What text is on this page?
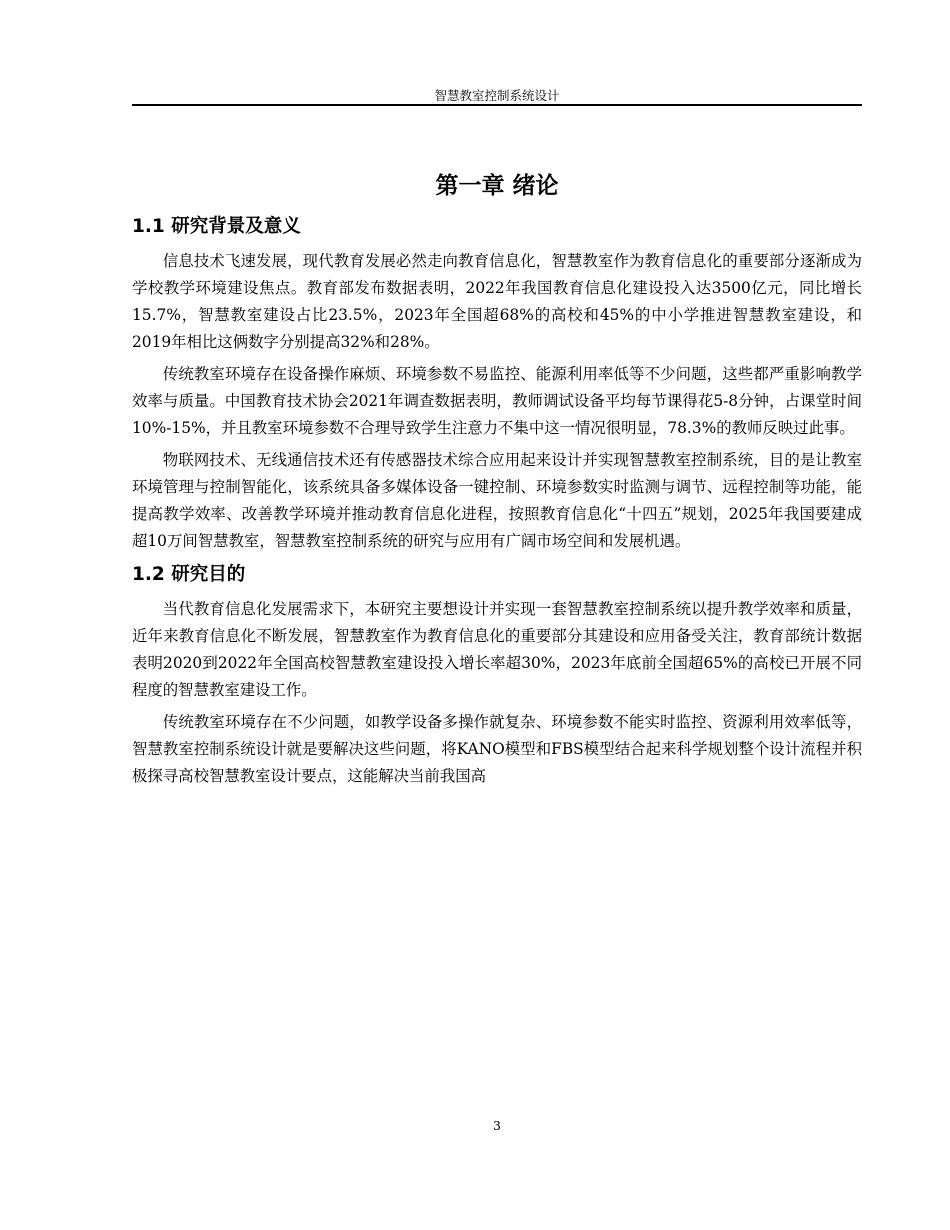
智慧教室控制系统设计
第一章 绪论
1.1 研究背景及意义

信息技术飞速发展，现代教育发展必然走向教育信息化，智慧教室作为教育信息化的重要部分逐渐成为学校教学环境建设焦点。教育部发布数据表明，2022年我国教育信息化建设投入达3500亿元，同比增长15.7%，智慧教室建设占比23.5%，2023年全国超68%的高校和45%的中小学推进智慧教室建设，和2019年相比这俩数字分别提高32%和28%。

传统教室环境存在设备操作麻烦、环境参数不易监控、能源利用率低等不少问题，这些都严重影响教学效率与质量。中国教育技术协会2021年调查数据表明，教师调试设备平均每节课得花5-8分钟，占课堂时间10%-15%，并且教室环境参数不合理导致学生注意力不集中这一情况很明显，78.3%的教师反映过此事。

物联网技术、无线通信技术还有传感器技术综合应用起来设计并实现智慧教室控制系统，目的是让教室环境管理与控制智能化，该系统具备多媒体设备一键控制、环境参数实时监测与调节、远程控制等功能，能提高教学效率、改善教学环境并推动教育信息化进程，按照教育信息化“十四五”规划，2025年我国要建成超10万间智慧教室，智慧教室控制系统的研究与应用有广阔市场空间和发展机遇。

1.2 研究目的

当代教育信息化发展需求下，本研究主要想设计并实现一套智慧教室控制系统以提升教学效率和质量，近年来教育信息化不断发展，智慧教室作为教育信息化的重要部分其建设和应用备受关注，教育部统计数据表明2020到2022年全国高校智慧教室建设投入增长率超30%，2023年底前全国超65%的高校已开展不同程度的智慧教室建设工作。

传统教室环境存在不少问题，如教学设备多操作就复杂、环境参数不能实时监控、资源利用效率低等，智慧教室控制系统设计就是要解决这些问题，将KANO模型和FBS模型结合起来科学规划整个设计流程并积极探寻高校智慧教室设计要点，这能解决当前我国高

3
